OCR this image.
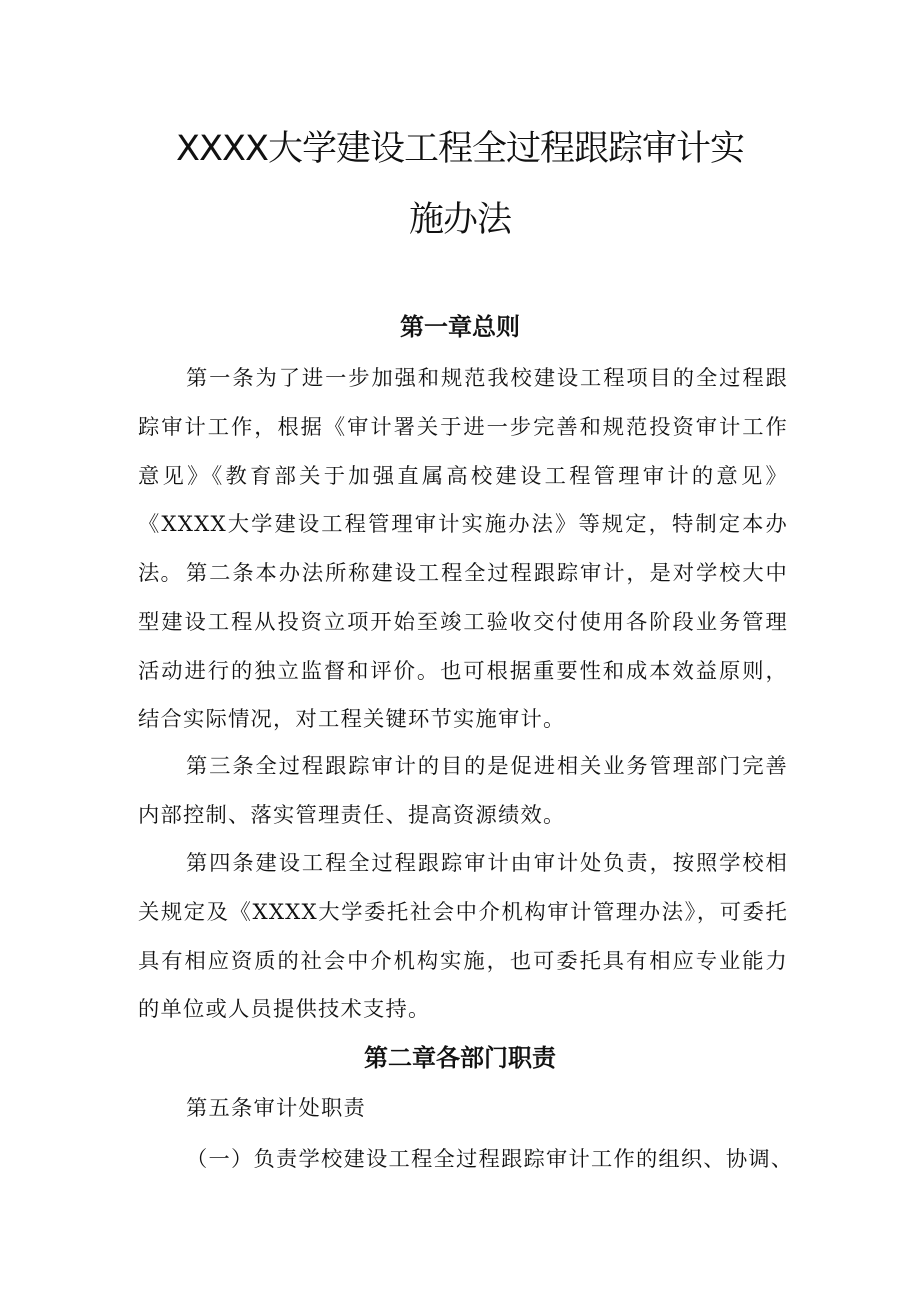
XXXX大学建设工程全过程跟踪审计实
施办法
第一章总则
第一条为了进一步加强和规范我校建设工程项目的全过程跟踪审计工作，根据《审计署关于进一步完善和规范投资审计工作意见》《教育部关于加强直属高校建设工程管理审计的意见》《XXXX大学建设工程管理审计实施办法》等规定，特制定本办法。 第二条本办法所称建设工程全过程跟踪审计，是对学校大中型建设工程从投资立项开始至竣工验收交付使用各阶段业务管理活动进行的独立监督和评价。也可根据重要性和成本效益原则，结合实际情况，对工程关键环节实施审计。
第三条全过程跟踪审计的目的是促进相关业务管理部门完善内部控制、落实管理责任、提高资源绩效。
第四条建设工程全过程跟踪审计由审计处负责，按照学校相关规定及《XXXX大学委托社会中介机构审计管理办法》，可委托具有相应资质的社会中介机构实施，也可委托具有相应专业能力的单位或人员提供技术支持。
第二章各部门职责
第五条审计处职责
（一）负责学校建设工程全过程跟踪审计工作的组织、协调、
